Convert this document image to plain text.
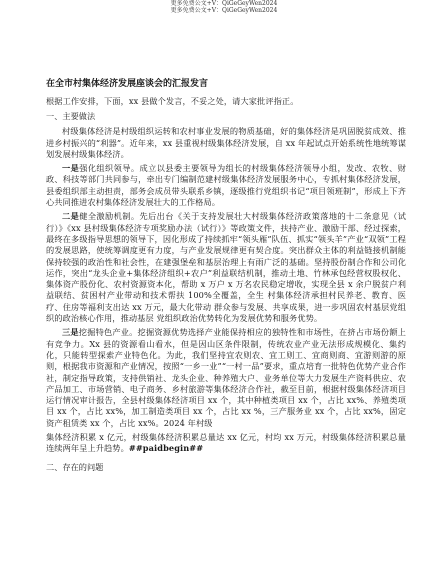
更多免费公文+V：QiGeGeyWen2024
更多免费公文+V：QiGeGeyWen2024
在全市村集体经济发展座谈会的汇报发言

根据工作安排，下面，xx 县做个发言，不妥之处，请大家批评指正。

一、主要做法

村级集体经济是村级组织运转和农村事业发展的物质基础，好的集体经济是巩固脱贫成效、推进乡村振兴的“利器”。近年来，xx 县重视村级集体经济发展，自 xx 年起试点开始系统性地统筹谋划发展村级集体经济。

一是强化组织领导。成立以县委主要领导为组长的村级集体经济领导小组，发改、农牧、财政、科技等部门共同参与，牵出专门编制范建村级集体经济发展服务中心，专抓村集体经济发展，县委组织部主动担责，部务会成员带头联系乡镇，逐级推行党组织书记“项目领班制”，形成上下齐心共同推进农村集体经济发展壮大的工作格局。

二是健全激励机制。先后出台《关于支持发展壮大村级集体经济政策落地的十二条意见（试行）》《xx 县村级集体经济专项奖励办法（试行）》等政策文件，扶持产业、激励干部、经过探索，最终在多级指导思想的领导下，因化形成了持续抓牢“领头雁”队伍、抓实“领头羊”产业“双领”工程的发展思路，使统筹调度更有力度，与产业发展规律更有契合度。突出群众主体的利益链接机制能保持较强的政治性和社会性，在建强堡垒和基层治理上有雨广泛的基础。坚持股份制合作和公司化运作，突出“龙头企业+集体经济组织+农户”利益联结机制，推动土地、竹林承包经营权股权化、集体资产股份化、农村资源资本化，帮助 x 万户 x 万名农民稳定增收，实现全县 x 余户脱贫户利益联结、贫困村产业带动和技术帮扶 100%全覆盖，全生 村集体经济承担村民养老、教育、医疗、住房等福利支出达 xx 万元，最大化带动 群众参与发展、共享成果，进一步巩固农村基层党组织的政治核心作用，推动基层 党组织政治优势转化为发展优势和服务优势。

三是挖掘特色产业。挖掘资源优势选择产业能保持相应的独特性和市场性，在挤占市场份额上有竞争力。Xx 县的资源看山看水，但是因山区条件限制，传统农业产业无法形成规模化、集约化，只能转型探索产业特色化。为此，我们坚持宜农则农、宜工则工、宜商则商、宜游则游的原则，根据我市资源和产业情况，按照“一乡一业”“一村一品”要求，重点培育一批特色优势产业合作社，制定指导政策，支持供销社、龙头企业、种养殖大户、业务单位等大力发展生产资料供应、农产品加工、市场营销、电子商务、乡村旅游等集体经济合作社，截至目前，根据村级集体经济项目运行情况审计报告，全县村级集体经济项目 xx 个，其中种植类项目 xx 个，占比 xx%、养殖类项目 xx 个，占比 xx%，加工制造类项目 xx 个，占比 xx %，三产服务业 xx 个，占比 xx%，固定资产租赁类 xx 个，占比 xx%。2024 年村级

集体经济积累 x 亿元，村级集体经济积累总量达 xx 亿元，村均 xx 万元，村级集体经济积累总量连续两年呈上升趋势。##paidbegin##

二、存在的问题
